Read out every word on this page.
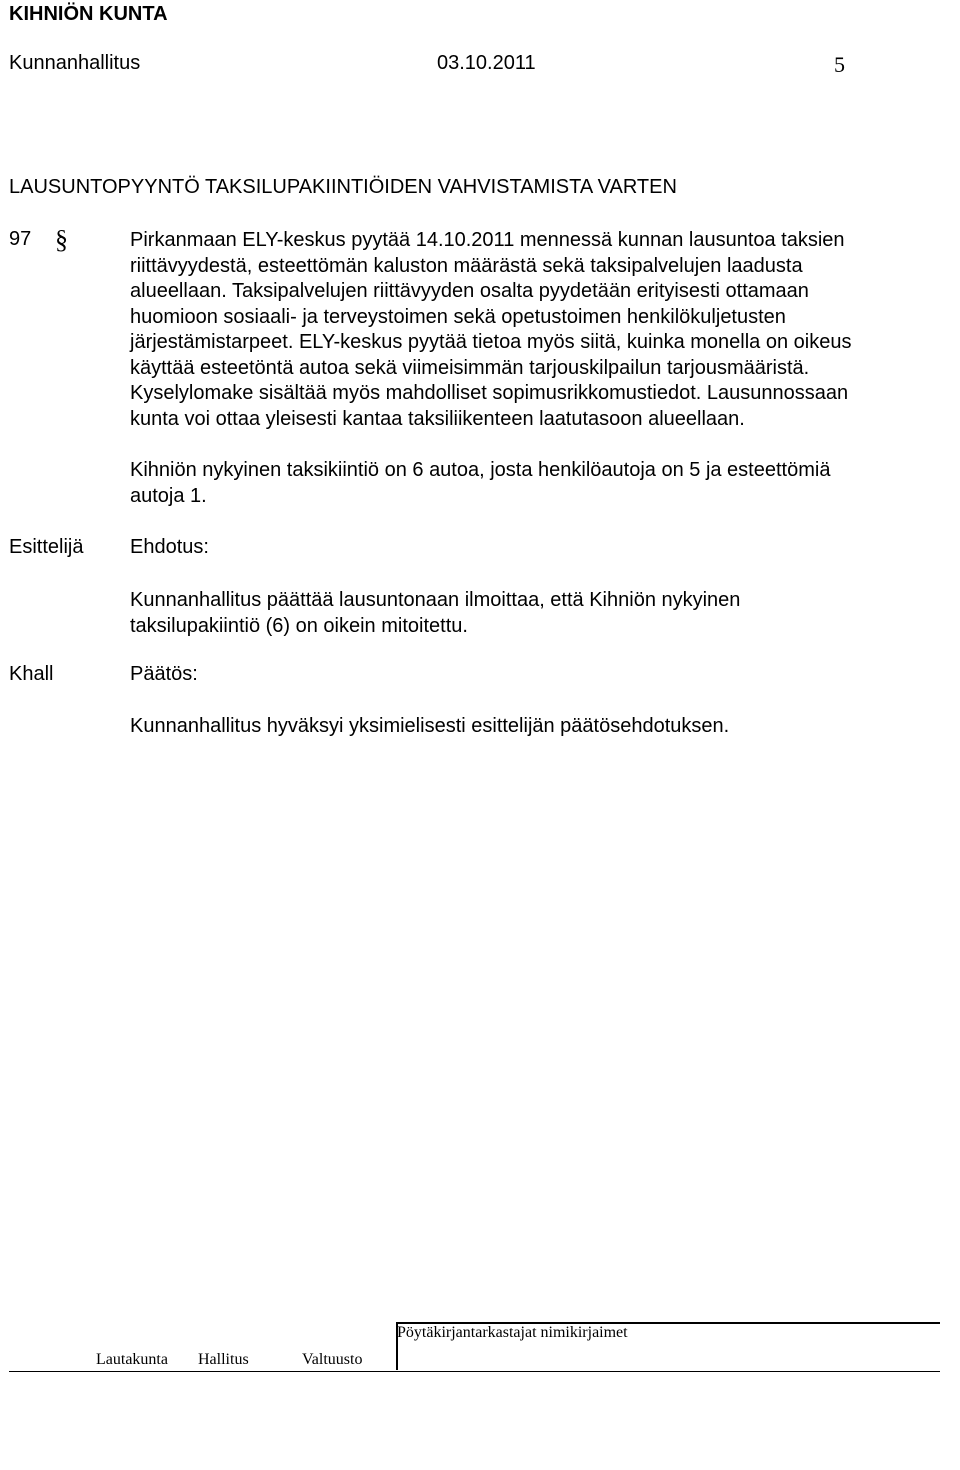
KIHNIÖN KUNTA
Kunnanhallitus	03.10.2011	5
LAUSUNTOPYYNTÖ TAKSILUPAKIINTIÖIDEN VAHVISTAMISTA VARTEN
97 §	Pirkanmaan ELY-keskus pyytää 14.10.2011 mennessä kunnan lausuntoa taksien
riittävyydestä, esteettömän kaluston määrästä sekä taksipalvelujen laadusta
alueellaan. Taksipalvelujen riittävyyden osalta pyydetään erityisesti ottamaan
huomioon sosiaali- ja terveystoimen sekä opetustoimen henkilökuljetusten
järjestämistarpeet. ELY-keskus pyytää tietoa myös siitä, kuinka monella on oikeus
käyttää esteetöntä autoa sekä viimeisimmän tarjouskilpailun tarjousmääristä.
Kyselylomake sisältää myös mahdolliset sopimusrikkomustiedot. Lausunnossaan
kunta voi ottaa yleisesti kantaa taksiliikenteen laatutasoon alueellaan.
Kihniön nykyinen taksikiintiö on 6 autoa, josta henkilöautoja on 5 ja esteettömiä
autoja 1.
Esittelijä Ehdotus:
Kunnanhallitus päättää lausuntonaan ilmoittaa, että Kihniön nykyinen
taksilupakiintiö (6) on oikein mitoitettu.
Khall	Päätös:
Kunnanhallitus hyväksyi yksimielisesti esittelijän päätösehdotuksen.
Pöytäkirjantarkastajat nimikirjaimet
Lautakunta Hallitus	Valtuusto
